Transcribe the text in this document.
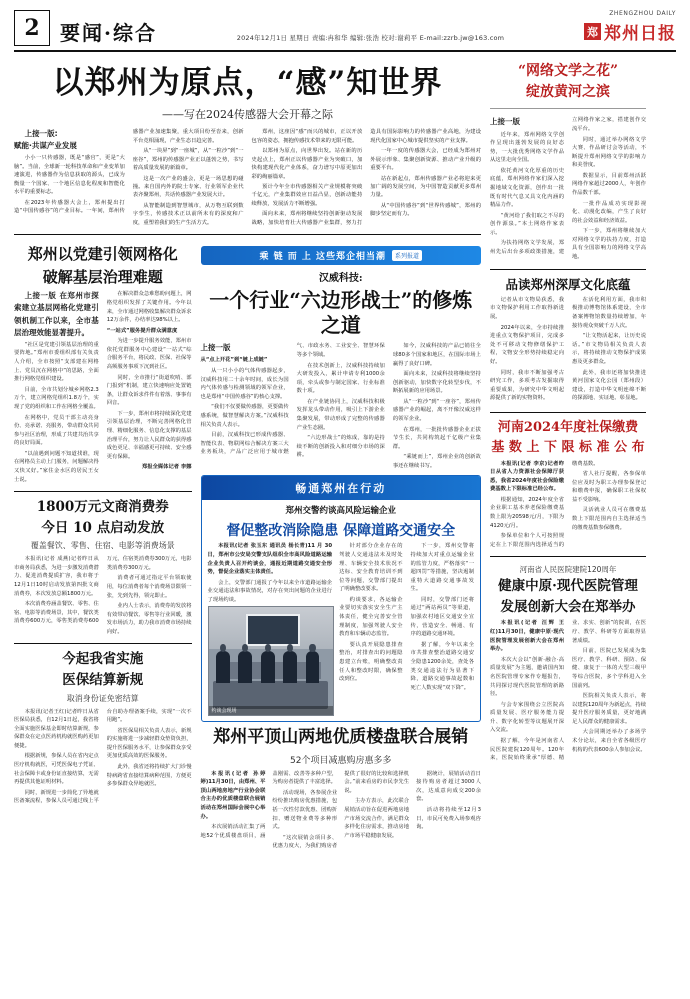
2	要闻·综合	2024年12月1日 星期日 责编:冉和华 编辑:张浩 校对:谢莉平 E-mail:zzrb.jw@163.com
ZHENGZHOU DAILY
郑 郑州日报
以郑州为原点，“感”知世界
——写在2024传感器大会开幕之际

上接一版:
赋能·共谋产业发展

小小一只传感器，既是“感官”，更是“大脑”。当前，全球新一轮科技革命和产业变革加速演进，传感器作为信息获取的源头，已成为衡量一个国家、一个地区信息化程度和智能化水平的重要标志。

在2023年传感器大会上，郑州提出打造“中国传感谷”的产业目标。一年间，郑州传感器产业加速集聚，重大项目纷至沓来，创新平台竞相涌现，产业生态日趋完善。

从“一块屏”到“一座城”，从“一粒沙”到“一座谷”，郑州的传感器产业正以蓬勃之势，书写着高质量发展的新篇章。

这是一次产业的盛会，更是一场思想的碰撞。来自国内外的院士专家、行业领军企业代表齐聚郑州，共话传感器产业发展大计。

从智能制造到智慧城市，从万物互联到数字孪生，传感技术正以前所未有的深度和广度，重塑着我们的生产生活方式。

郑州，这座因“感”而兴的城市，正以开放包容的姿态，拥抱传感技术带来的无限可能。

以郑州为原点，向世界出发。站在新的历史起点上，郑州正以传感器产业为突破口，加快构建现代化产业体系，奋力谱写中原更加出彩的绚丽篇章。

预计今年全市传感器相关产业规模将突破千亿元，产业集群效应日益凸显，创新动能持续释放，发展活力不断增强。

面向未来，郑州将继续坚持创新驱动发展战略，加快培育壮大传感器产业集群，努力打造具有国际影响力的传感器产业高地，为建设现代化国家中心城市提供坚实的产业支撑。

一年一度的传感器大会，已经成为郑州对外展示形象、集聚创新资源、推动产业升级的重要平台。

站在新起点，郑州传感器产业必将迎来更加广阔的发展空间，为中国智造贡献更多郑州力量。

从“中国传感谷”到“世界传感城”，郑州的脚步坚定而有力。

郑州以党建引领网格化
破解基层治理难题

上接一版 在郑州市探索建立基层网格化党建引领机制工作以来，全市基层治理效能显著提升。

“社区是党建引领基层治理的重要阵地。”郑州市委组织部有关负责人介绍，全市按照“支部建在网格上、党员沉在网格中”的思路，全面推行网格党组织建设。

目前，全市共划分城乡网格2.3万个，建立网格党组织1.8万个，实现了党的组织和工作在网格全覆盖。

在网格中，党员干部主动亮身份、亮承诺、亮服务，带动群众共同参与社区治理，形成了共建共治共享的良好局面。

“以前遇到问题不知道找谁，现在网格员主动上门服务，问题解决得又快又好。”家住金水区的居民王女士说。

在解决群众急难愁盼问题上，网格党组织发挥了关键作用。今年以来，全市通过网格收集解决群众诉求12万余件，办结率达98%以上。

“一站式”服务提升群众满意度

为进一步提升服务效能，郑州市依托党群服务中心建设“一站式”综合服务平台，将民政、医保、社保等高频服务事项下沉到社区。

同时，全市推行“街道吹哨、部门报到”机制，建立快速响应处置链条，让群众诉求件件有着落、事事有回音。

下一步，郑州市将持续深化党建引领基层治理，不断完善网格化管理、精细化服务、信息化支撑的基层治理平台，努力让人民群众的获得感成色更足、幸福感更可持续、安全感更有保障。

郑报全媒体记者 李娜

1800万元文商消费券
今日 10 点启动发放
覆盖餐饮、零售、住宿、电影等消费场景

本报讯(记者 成燕)记者昨日从市商务局获悉，为进一步激发消费潜力、促进消费提质扩容，我市将于12月1日10时启动发放第四批文商消费券，本次发放总额1800万元。

本次消费券涵盖餐饮、零售、住宿、电影等消费场景，其中，餐饮类消费券600万元，零售类消费券600万元，住宿类消费券300万元，电影类消费券300万元。

消费者可通过指定平台领取使用，每位消费者每个消费场景限领一张，先到先得，领完即止。

业内人士表示，消费券的发放将有效带动餐饮、零售等行业回暖，激发市场活力，助力我市消费市场持续向好。

今起我省实施
医保结算新规
取消身份证免密结算

本报讯(记者王红)记者昨日从省医保局获悉，自12月1日起，我省将全面实施医保基金即时结算新规，参保群众在定点医药机构就医购药更加便捷。

根据新规，参保人员在省内定点医疗机构就医，可凭医保电子凭证、社会保障卡或身份证直接结算，无需再提供其他证明材料。

同时，新规进一步简化了异地就医备案流程，参保人员可通过线上平台自助办理备案手续，实现“一次不用跑”。

省医保局相关负责人表示，新规的实施将进一步减轻群众垫资负担，提升医保服务水平，让参保群众享受更加优质高效的医保服务。

此外，我省还将持续扩大门诊慢特病跨省直接结算病种范围，方便更多参保群众异地就医。

乘 链 而 上 这些郑企相当潮	系列报道
汉威科技:
一个行业“六边形战士”的修炼之道

上接一版

从“点上开花”到“链上成链”

从一只小小的气体传感器起步，汉威科技用二十余年时间，成长为国内气体传感与检测领域的领军企业，也是郑州“中国传感谷”的核心支撑。

“我们不仅要做传感器，更要做传感系统，做智慧解决方案。”汉威科技相关负责人表示。

目前，汉威科技已形成传感器、智能仪表、物联网综合解决方案三大业务板块，产品广泛应用于城市燃气、市政水务、工业安全、智慧环保等多个领域。

在技术创新上，汉威科技持续加大研发投入，累计申请专利1000余项，牵头或参与制定国家、行业标准数十项。

在产业链协同上，汉威科技积极发挥龙头带动作用，吸引上下游企业集聚发展，带动形成了完整的传感器产业生态圈。

“六边形战士”的炼成，靠的是持续不断的创新投入和对细分市场的深耕。

如今，汉威科技的产品已销往全球80多个国家和地区，在国际市场上赢得了良好口碑。

面向未来，汉威科技将继续坚持创新驱动，加快数字化转型步伐，不断拓展新的应用场景。

从“一粒沙”到“一座谷”，郑州传感器产业的崛起，离不开像汉威这样的领军企业。

在郑州，一批批传感器企业正拔节生长，共同构筑起千亿级产业集群。

“乘链而上”，郑州企业的创新故事还在继续书写。

畅通郑州在行动
郑州交警约谈高风险运输企业
督促整改消除隐患 保障道路交通安全

本报讯(记者 张玉东 通讯员 杨长青)11 月 30 日，郑州市公安局交警支队组织全市高风险道路运输企业负责人召开约谈会，通报近期道路交通安全形势，督促企业落实主体责任。

会上，交警部门通报了今年以来全市道路运输企业交通违法和事故情况，对存在突出问题的企业进行了现场约谈。

约谈会现场

针对部分企业存在的驾驶人交通违法未及时处理、车辆安全技术状况不达标、安全教育培训不到位等问题，交警部门提出了明确整改要求。

约谈要求，各运输企业要切实落实安全生产主体责任，健全完善安全管理制度，加强驾驶人安全教育和车辆动态监管。

要认真开展隐患排查整治，对排查出的问题隐患建立台账，明确整改责任人和整改时限，确保整改到位。

下一步，郑州交警将持续加大对重点运输企业的监管力度，严格落实“一超四罚”等措施，坚决遏制重特大道路交通事故发生。

同时，交警部门还将通过“两站两员”等渠道，加强农村地区交通安全宣传，营造安全、畅通、有序的道路交通环境。

据了解，今年以来全市共排查整治道路交通安全隐患1200余处，查处各类交通违法行为显著下降，道路交通事故起数和死亡人数实现“双下降”。

郑州平顶山两地优质楼盘联合展销
52个项目减惠购房惠多多

本报讯(记者 孙婷婷)11月30日，由郑州、平顶山两地房地产行业协会联合主办的优质楼盘联合展销活动在郑州国际会展中心举办。

本次展销活动汇集了两地52个优质楼盘项目，涵盖刚需、改善等多种户型，为购房者提供了丰富选择。

活动现场，各参展企业纷纷推出购房优惠措施，包括一次性付款优惠、团购折扣、赠送物业费等多种形式。

“这次展销会项目多、优惠力度大，为我们购房者提供了很好的比较和选择机会。”前来看房的市民李先生说。

主办方表示，此次联合展销活动旨在促进两地房地产市场交流合作，满足群众多样化住房需求，推动房地产市场平稳健康发展。

据统计，展销活动首日接待购房者超过3000人次，达成意向成交200余套。

活动将持续至12月3日，市民可免费入场参观咨询。

“网络文学之花”
绽放黄河之滨

上接一版

近年来，郑州网络文学创作呈现出蓬勃发展的良好态势，一大批优秀网络文学作品从这里走向全国。

依托黄河文化厚重的历史底蕴，郑州网络作家们深入挖掘地域文化资源，创作出一批既有时代气息又具文化内涵的精品力作。

“黄河给了我们取之不尽的创作源泉。”本土网络作家表示。

为扶持网络文学发展，郑州先后出台多项政策措施，建立网络作家之家，搭建创作交流平台。

同时，通过举办网络文学大赛、作品研讨会等活动，不断提升郑州网络文学的影响力和美誉度。

数据显示，目前郑州活跃网络作家超过2000人，年创作作品数千部。

一批作品成功实现影视化、动漫化改编，产生了良好的社会效益和经济效益。

下一步，郑州将继续加大对网络文学的扶持力度，打造具有全国影响力的网络文学高地。

品读郑州深厚文化底蕴

记者从市文物局获悉，我市文物保护利用工作取得新进展。

2024年以来，全市持续推进重点文物保护项目，完成多处不可移动文物修缮保护工程，文物安全形势持续稳定向好。

同时，我市不断加强考古研究工作，多项考古发掘取得重要成果，为研究中华文明起源提供了新的实物资料。

在活化利用方面，我市积极推动博物馆体系建设，全市备案博物馆数量持续增加，年接待观众突破千万人次。

“让文物活起来，让历史说话。”市文物局相关负责人表示，将持续推动文物保护成果惠及更多群众。

此外，我市还将加快推进黄河国家文化公园（郑州段）建设，打造中华文明连绵不断的探源地、实证地、彰显地。

河南2024年度社保缴费
基 数 上 下 限 标 准 公 布

本报讯(记者 李京)记者昨日从省人力资源社会保障厅获悉，我省2024年度社会保险缴费基数上下限标准已经公布。

根据通知，2024年度全省企业职工基本养老保险缴费基数上限为20598元/月，下限为4120元/月。

参保单位和个人可按照规定在上下限范围内选择适当的缴费基数。

省人社厅提醒，各参保单位应及时为职工办理参保登记和缴费申报，确保职工社保权益不受影响。

灵活就业人员可在缴费基数上下限范围内自主选择适当的缴费基数参保缴费。

河南省人民医院建院120周年
健康中原·现代医院管理
发展创新大会在郑举办

本报讯(记者 汪辉 王红)11月30日，健康中原·现代医院管理发展创新大会在郑州举办。

本次大会以“创新·融合·高质量发展”为主题，邀请国内知名医院管理专家作专题报告，共同探讨现代医院管理的新路径。

与会专家围绕公立医院高质量发展、医疗服务能力提升、数字化转型等议题展开深入交流。

据了解，今年是河南省人民医院建院120周年。120年来，医院始终秉承“厚德、精业、求实、创新”的院训，在医疗、教学、科研等方面取得显著成绩。

目前，医院已发展成为集医疗、教学、科研、预防、保健、康复于一体的大型三级甲等综合医院，多个学科进入全国前列。

医院相关负责人表示，将以建院120周年为新起点，持续提升医疗服务质量，更好地满足人民群众的健康需求。

大会同期还举办了多场学术分论坛，来自全省各级医疗机构的代表600余人参加会议。
